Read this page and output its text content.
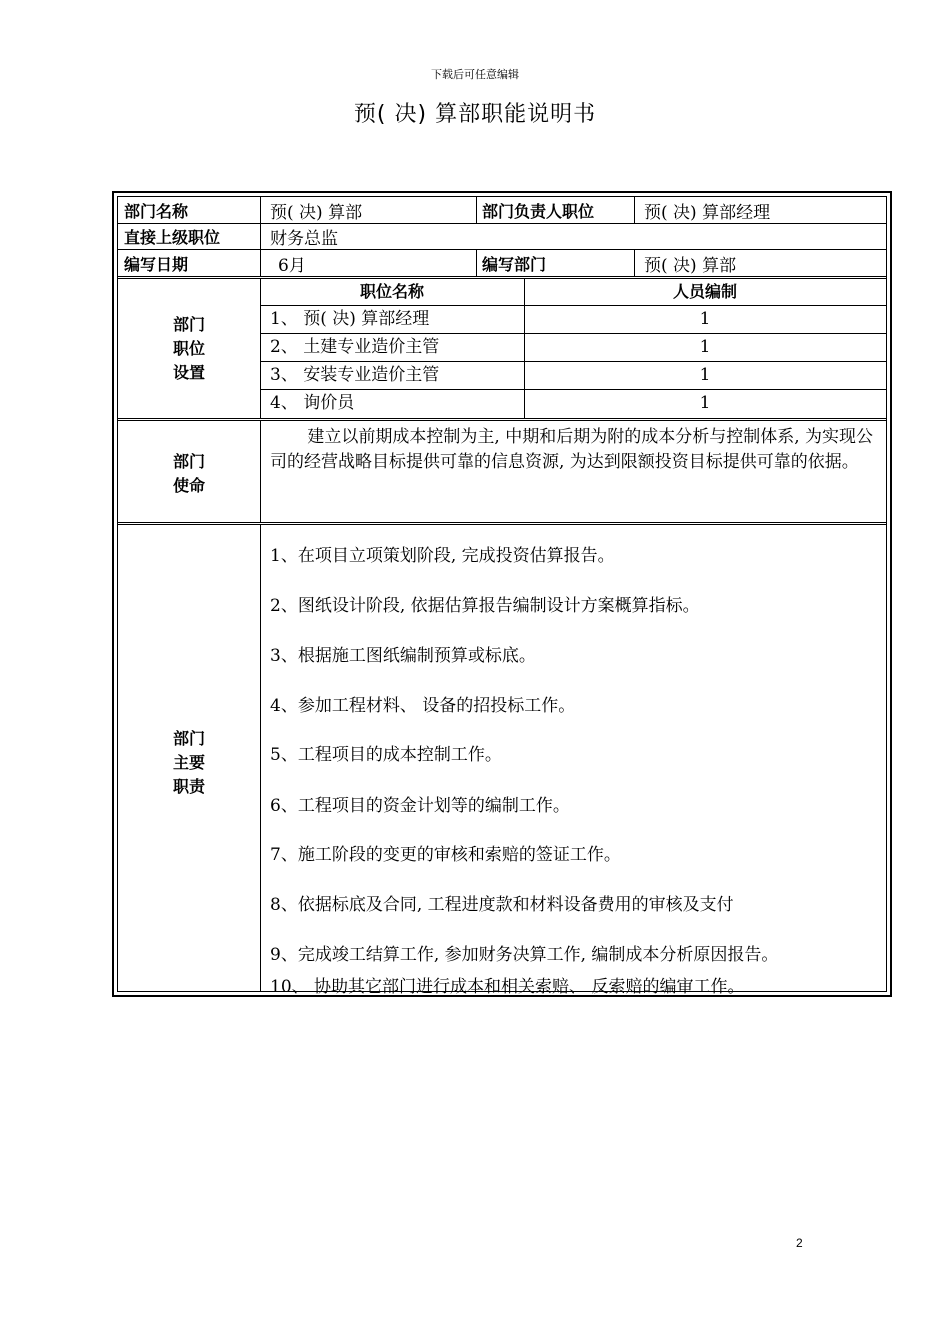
下载后可任意编辑
预( 决) 算部职能说明书
部门名称	预( 决) 算部	部门负责人职位	预( 决) 算部经理
直接上级职位	财务总监
编写日期	6月	编写部门	预( 决) 算部
部门
职位
设置
职位名称	人员编制
1、 预( 决) 算部经理	1
2、 土建专业造价主管	1
3、 安装专业造价主管	1
4、 询价员	1
部门
使命
建立以前期成本控制为主, 中期和后期为附的成本分析与控制体系, 为实现公司的经营战略目标提供可靠的信息资源, 为达到限额投资目标提供可靠的依据。
部门
主要
职责
1、在项目立项策划阶段, 完成投资估算报告。
2、图纸设计阶段, 依据估算报告编制设计方案概算指标。
3、根据施工图纸编制预算或标底。
4、参加工程材料、 设备的招投标工作。
5、工程项目的成本控制工作。
6、工程项目的资金计划等的编制工作。
7、施工阶段的变更的审核和索赔的签证工作。
8、依据标底及合同, 工程进度款和材料设备费用的审核及支付
9、完成竣工结算工作, 参加财务决算工作, 编制成本分析原因报告。
10、 协助其它部门进行成本和相关索赔、 反索赔的编审工作。
2
